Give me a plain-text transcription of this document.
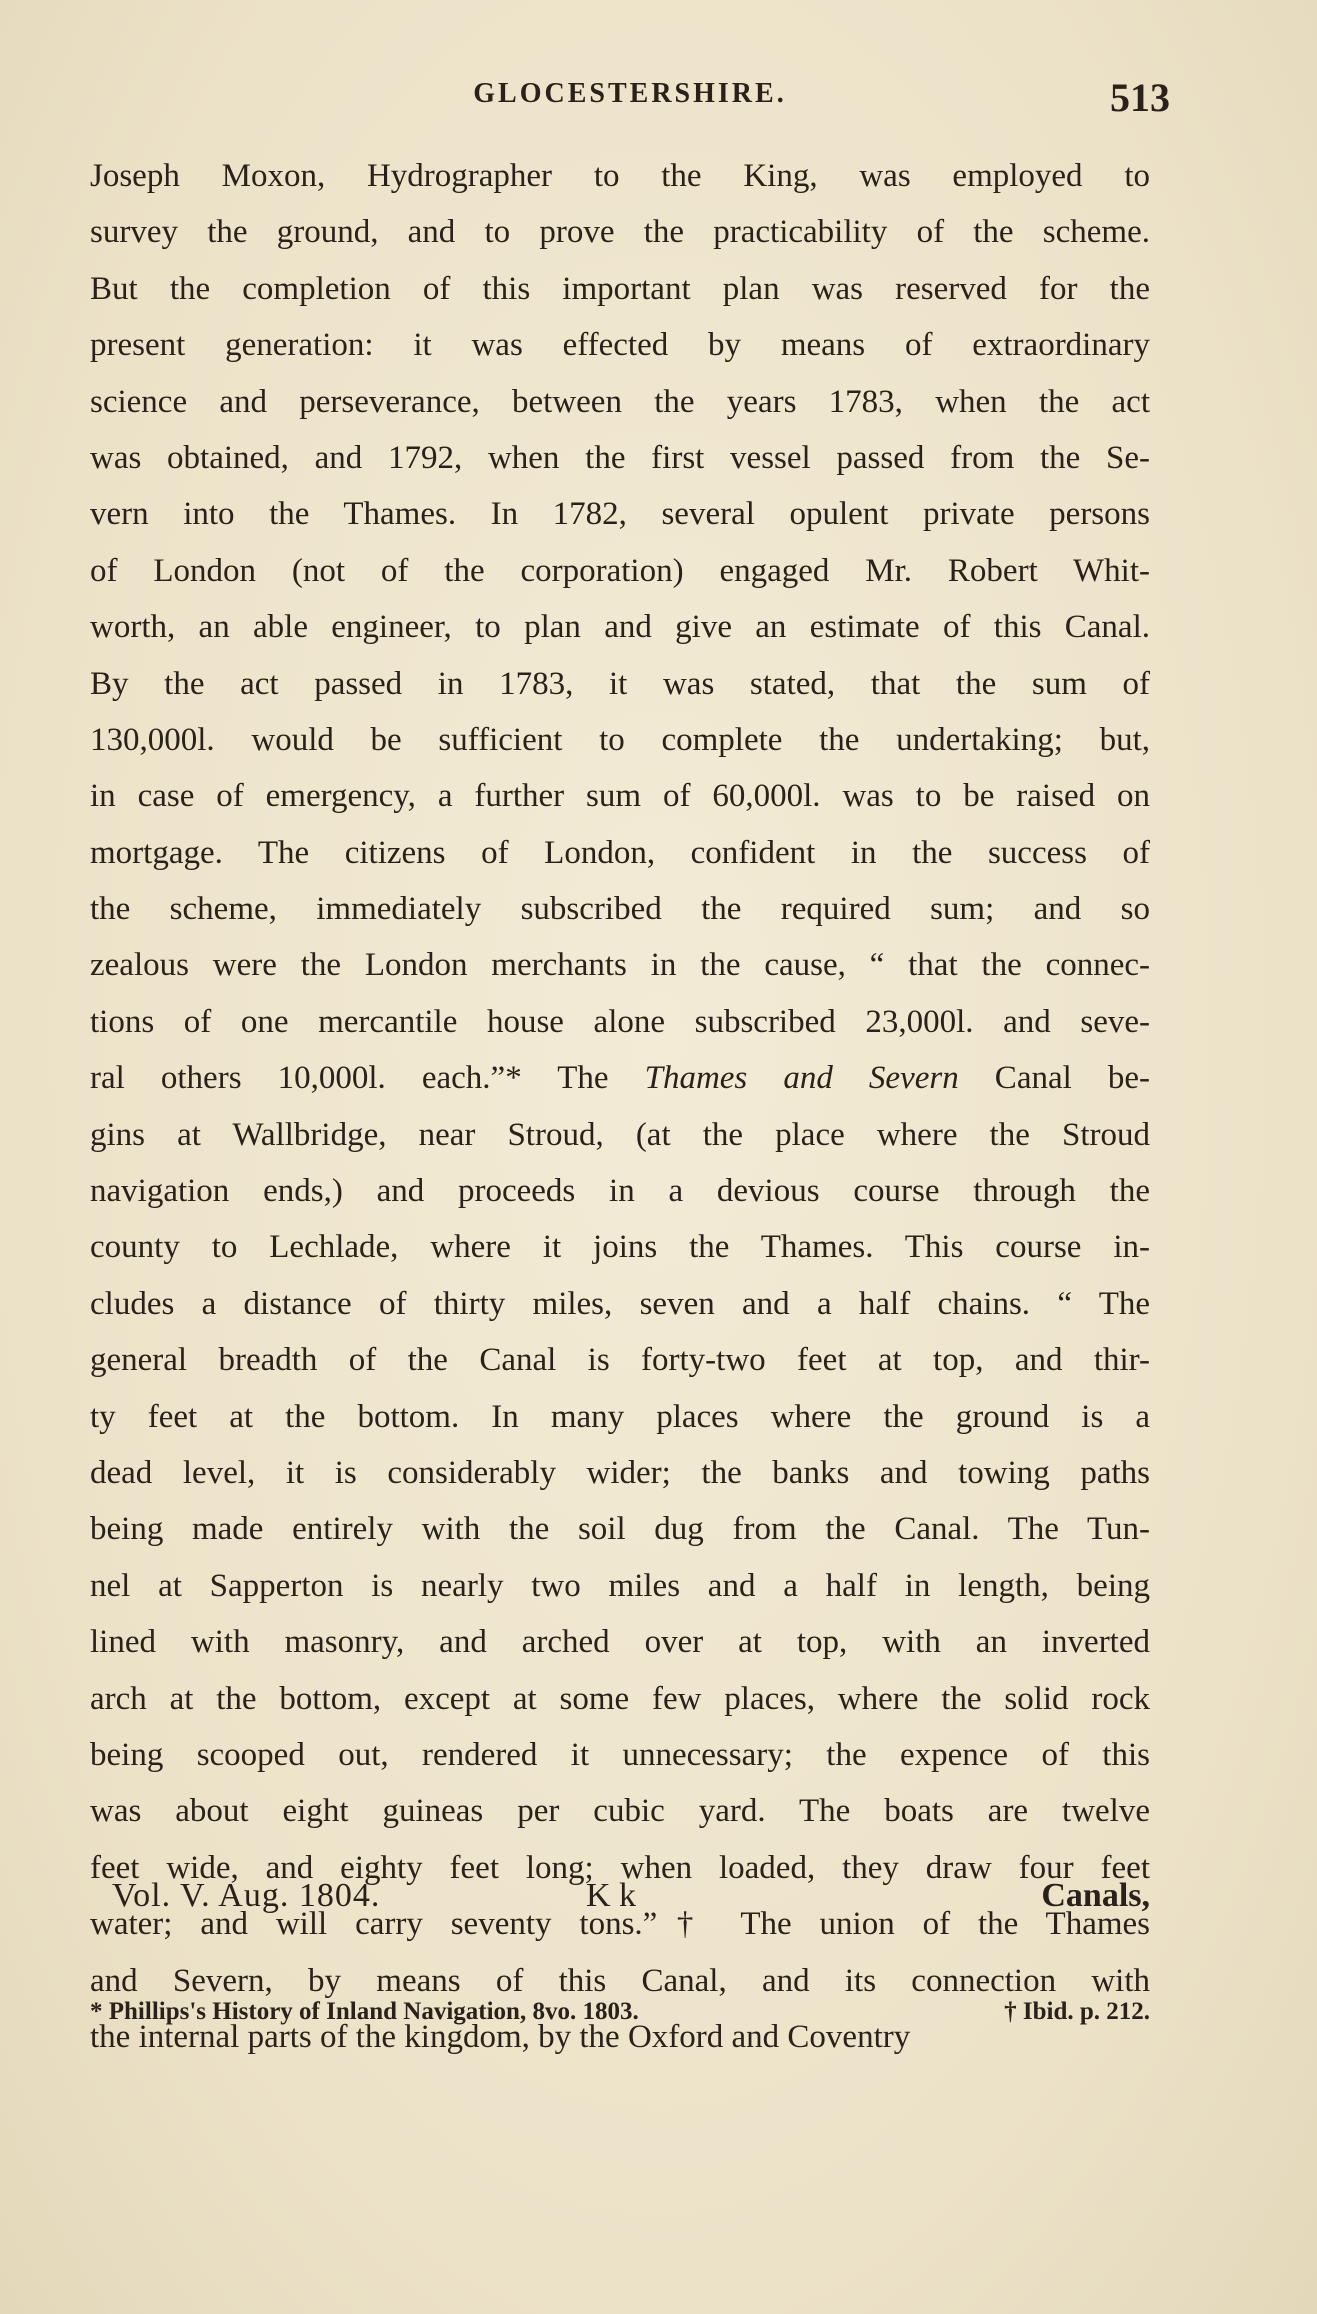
GLOCESTERSHIRE.	513
Joseph Moxon, Hydrographer to the King, was employed to
survey the ground, and to prove the practicability of the scheme.
But the completion of this important plan was reserved for the
present generation: it was effected by means of extraordinary
science and perseverance, between the years 1783, when the act
was obtained, and 1792, when the first vessel passed from the Se-
vern into the Thames. In 1782, several opulent private persons
of London (not of the corporation) engaged Mr. Robert Whit-
worth, an able engineer, to plan and give an estimate of this Canal.
By the act passed in 1783, it was stated, that the sum of
130,000l. would be sufficient to complete the undertaking; but,
in case of emergency, a further sum of 60,000l. was to be raised on
mortgage. The citizens of London, confident in the success of
the scheme, immediately subscribed the required sum; and so
zealous were the London merchants in the cause, “ that the connec-
tions of one mercantile house alone subscribed 23,000l. and seve-
ral others 10,000l. each.”* The Thames and Severn Canal be-
gins at Wallbridge, near Stroud, (at the place where the Stroud
navigation ends,) and proceeds in a devious course through the
county to Lechlade, where it joins the Thames. This course in-
cludes a distance of thirty miles, seven and a half chains. “ The
general breadth of the Canal is forty-two feet at top, and thir-
ty feet at the bottom. In many places where the ground is a
dead level, it is considerably wider; the banks and towing paths
being made entirely with the soil dug from the Canal. The Tun-
nel at Sapperton is nearly two miles and a half in length, being
lined with masonry, and arched over at top, with an inverted
arch at the bottom, except at some few places, where the solid rock
being scooped out, rendered it unnecessary; the expence of this
was about eight guineas per cubic yard. The boats are twelve
feet wide, and eighty feet long; when loaded, they draw four feet
water; and will carry seventy tons.”† The union of the Thames
and Severn, by means of this Canal, and its connection with
the internal parts of the kingdom, by the Oxford and Coventry
Vol. V. Aug. 1804.	K k	Canals,
* Phillips's History of Inland Navigation, 8vo. 1803.	† Ibid. p. 212.
